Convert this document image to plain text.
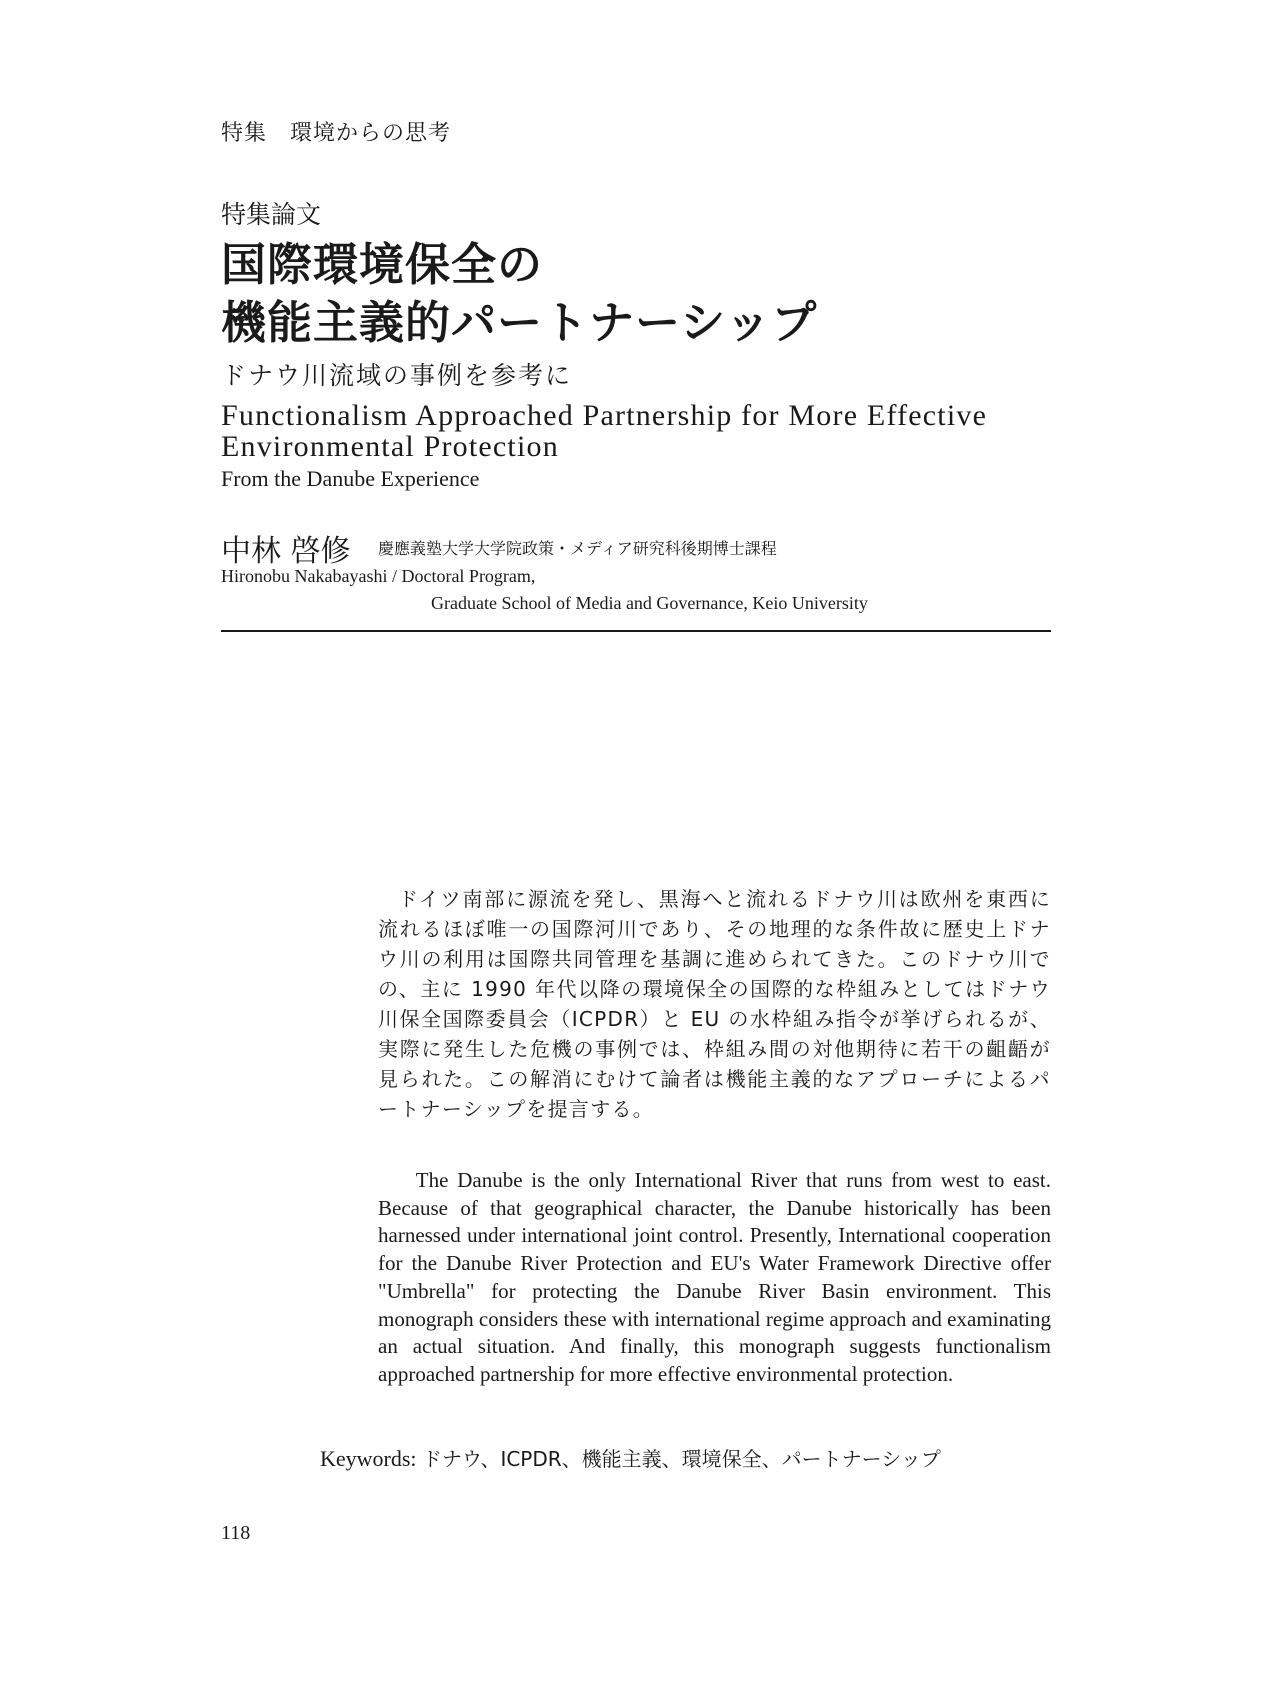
特集　環境からの思考
特集論文
国際環境保全の
機能主義的パートナーシップ
ドナウ川流域の事例を参考に
Functionalism Approached Partnership for More Effective
Environmental Protection
From the Danube Experience
中林 啓修 慶應義塾大学大学院政策・メディア研究科後期博士課程
Hironobu Nakabayashi / Doctoral Program,
Graduate School of Media and Governance, Keio University
ドイツ南部に源流を発し、黒海へと流れるドナウ川は欧州を東西に流れるほぼ唯一の国際河川であり、その地理的な条件故に歴史上ドナウ川の利用は国際共同管理を基調に進められてきた。このドナウ川での、主に 1990 年代以降の環境保全の国際的な枠組みとしてはドナウ川保全国際委員会（ICPDR）と EU の水枠組み指令が挙げられるが、実際に発生した危機の事例では、枠組み間の対他期待に若干の齟齬が見られた。この解消にむけて論者は機能主義的なアプローチによるパートナーシップを提言する。
The Danube is the only International River that runs from west to east. Because of that geographical character, the Danube historically has been harnessed under international joint control. Presently, International cooperation for the Danube River Protection and EU's Water Framework Directive offer "Umbrella" for protecting the Danube River Basin environment. This monograph considers these with international regime approach and examinating an actual situation. And finally, this monograph suggests functionalism approached partnership for more effective environmental protection.
Keywords: ドナウ、ICPDR、機能主義、環境保全、パートナーシップ
118
